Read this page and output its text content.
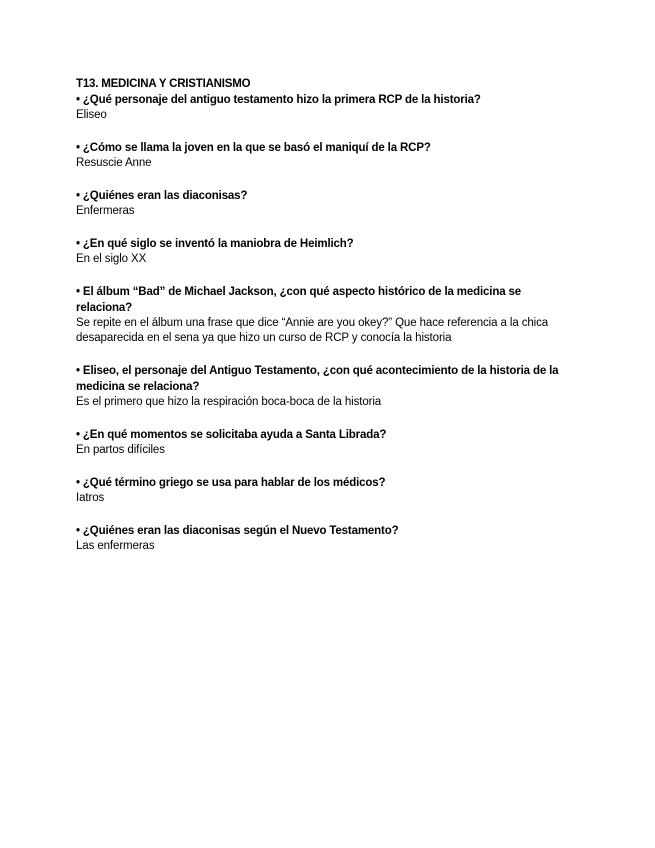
T13. MEDICINA Y CRISTIANISMO

• ¿Qué personaje del antiguo testamento hizo la primera RCP de la historia?

Eliseo

• ¿Cómo se llama la joven en la que se basó el maniquí de la RCP?

Resuscie Anne

• ¿Quiénes eran las diaconisas?

Enfermeras

• ¿En qué siglo se inventó la maniobra de Heimlich?

En el siglo XX

• El álbum “Bad” de Michael Jackson, ¿con qué aspecto histórico de la medicina se relaciona?

Se repite en el álbum una frase que dice “Annie are you okey?” Que hace referencia a la chica desaparecida en el sena ya que hizo un curso de RCP y conocía la historia

• Eliseo, el personaje del Antiguo Testamento, ¿con qué acontecimiento de la historia de la medicina se relaciona?

Es el primero que hizo la respiración boca-boca de la historia

• ¿En qué momentos se solicitaba ayuda a Santa Librada?

En partos difíciles

• ¿Qué término griego se usa para hablar de los médicos?

Iatros

• ¿Quiénes eran las diaconisas según el Nuevo Testamento?

Las enfermeras
